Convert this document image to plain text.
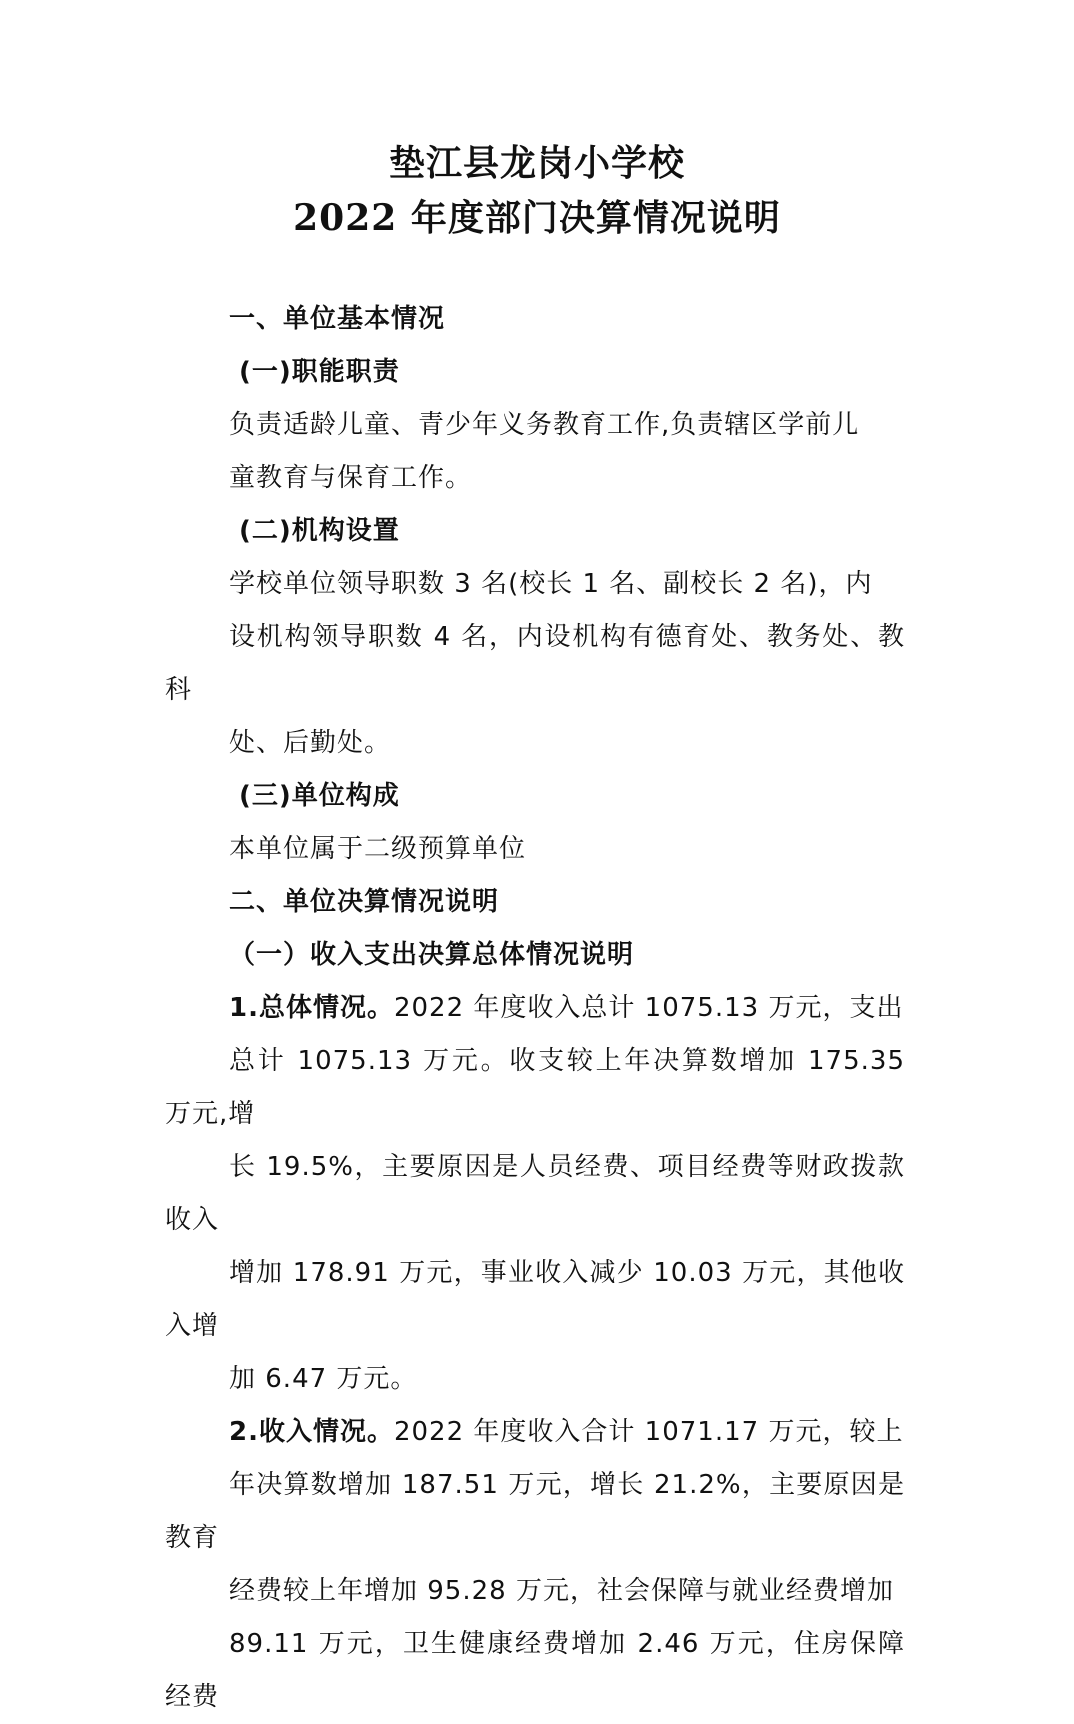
垫江县龙岗小学校
2022 年度部门决算情况说明

一、单位基本情况

(一)职能职责

负责适龄儿童、青少年义务教育工作,负责辖区学前儿
童教育与保育工作。

(二)机构设置

学校单位领导职数 3 名(校长 1 名、副校长 2 名)，内
设机构领导职数 4 名，内设机构有德育处、教务处、教科
处、后勤处。

(三)单位构成

本单位属于二级预算单位

二、单位决算情况说明

（一）收入支出决算总体情况说明

1.总体情况。2022 年度收入总计 1075.13 万元，支出
总计 1075.13 万元。收支较上年决算数增加 175.35 万元,增
长 19.5%，主要原因是人员经费、项目经费等财政拨款收入
增加 178.91 万元，事业收入减少 10.03 万元，其他收入增
加 6.47 万元。

2.收入情况。2022 年度收入合计 1071.17 万元，较上
年决算数增加 187.51 万元，增长 21.2%，主要原因是教育
经费较上年增加 95.28 万元，社会保障与就业经费增加
89.11 万元，卫生健康经费增加 2.46 万元，住房保障经费
